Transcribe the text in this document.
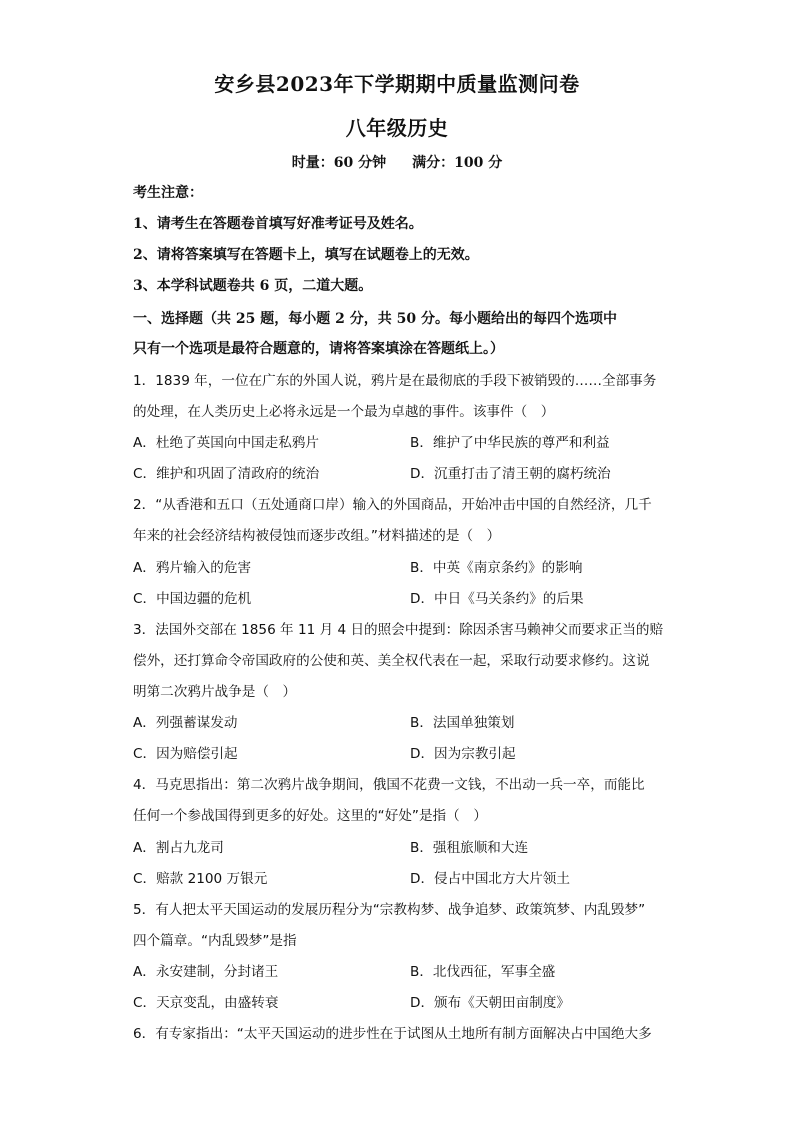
安乡县2023年下学期期中质量监测问卷
八年级历史
时量：60 分钟 满分：100 分
考生注意：
1、请考生在答题卷首填写好准考证号及姓名。
2、请将答案填写在答题卡上，填写在试题卷上的无效。
3、本学科试题卷共 6 页，二道大题。
一、选择题（共 25 题，每小题 2 分，共 50 分。每小题给出的每四个选项中
只有一个选项是最符合题意的，请将答案填涂在答题纸上。）
1．1839 年，一位在广东的外国人说，鸦片是在最彻底的手段下被销毁的……全部事务
的处理，在人类历史上必将永远是一个最为卓越的事件。该事件（　）
A．杜绝了英国向中国走私鸦片	B．维护了中华民族的尊严和利益
C．维护和巩固了清政府的统治	D．沉重打击了清王朝的腐朽统治
2．“从香港和五口（五处通商口岸）输入的外国商品，开始冲击中国的自然经济，几千
年来的社会经济结构被侵蚀而逐步改组。”材料描述的是（　）
A．鸦片输入的危害	B．中英《南京条约》的影响
C．中国边疆的危机	D．中日《马关条约》的后果
3．法国外交部在 1856 年 11 月 4 日的照会中提到：除因杀害马赖神父而要求正当的赔
偿外，还打算命令帝国政府的公使和英、美全权代表在一起，采取行动要求修约。这说
明第二次鸦片战争是（　）
A．列强蓄谋发动	B．法国单独策划
C．因为赔偿引起	D．因为宗教引起
4．马克思指出：第二次鸦片战争期间，俄国不花费一文钱，不出动一兵一卒，而能比
任何一个参战国得到更多的好处。这里的“好处”是指（　）
A．割占九龙司	B．强租旅顺和大连
C．赔款 2100 万银元	D．侵占中国北方大片领土
5．有人把太平天国运动的发展历程分为“宗教构梦、战争追梦、政策筑梦、内乱毁梦”
四个篇章。“内乱毁梦”是指
A．永安建制，分封诸王	B．北伐西征，军事全盛
C．天京变乱，由盛转衰	D．颁布《天朝田亩制度》
6．有专家指出：“太平天国运动的进步性在于试图从土地所有制方面解决占中国绝大多
